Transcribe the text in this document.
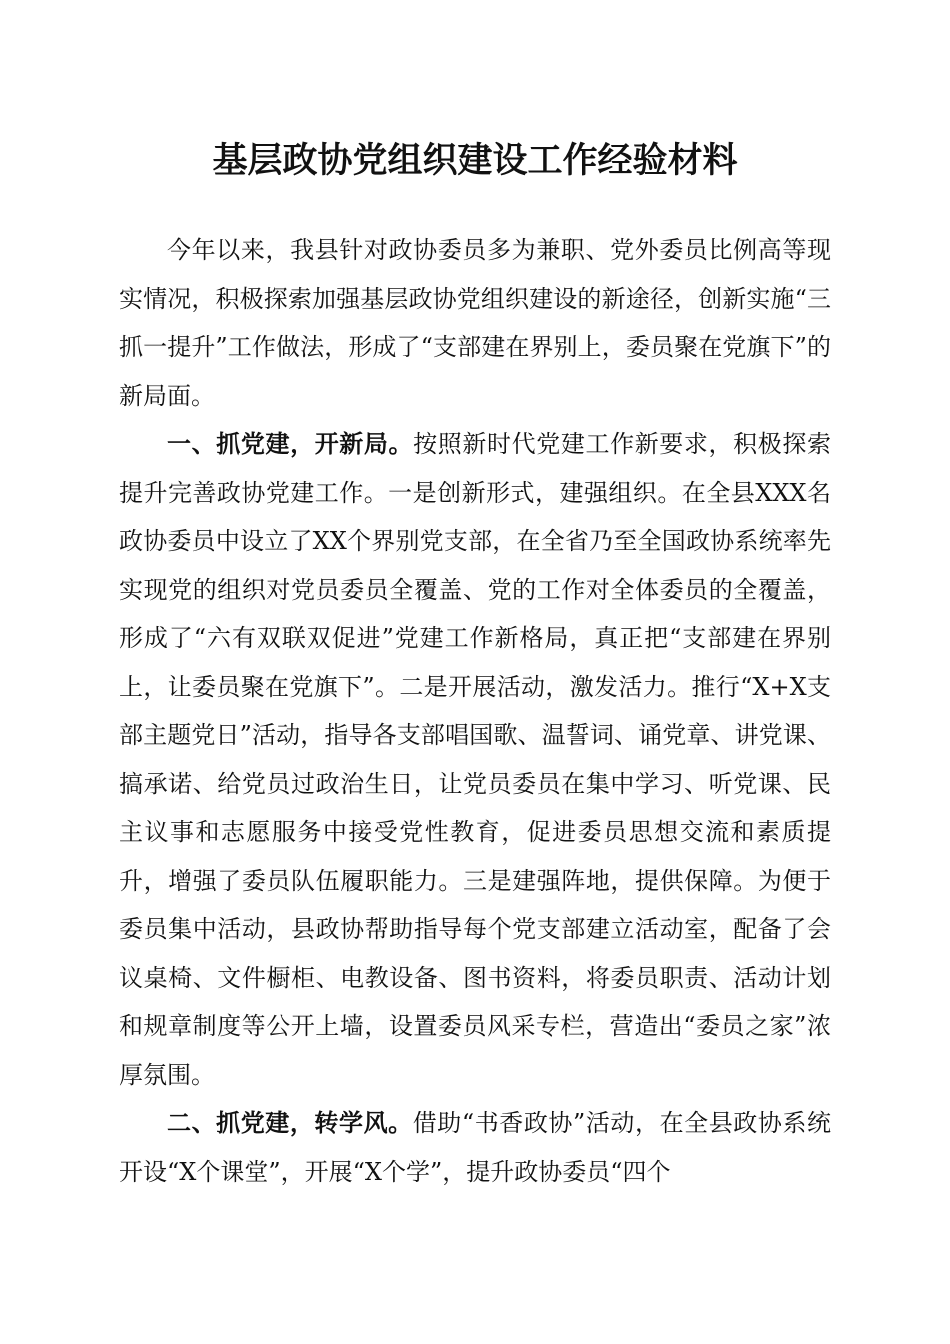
基层政协党组织建设工作经验材料

今年以来，我县针对政协委员多为兼职、党外委员比例高等现实情况，积极探索加强基层政协党组织建设的新途径，创新实施“三抓一提升”工作做法，形成了“支部建在界别上，委员聚在党旗下”的新局面。

一、抓党建，开新局。按照新时代党建工作新要求，积极探索提升完善政协党建工作。一是创新形式，建强组织。在全县XXX名政协委员中设立了XX个界别党支部，在全省乃至全国政协系统率先实现党的组织对党员委员全覆盖、党的工作对全体委员的全覆盖，形成了“六有双联双促进”党建工作新格局，真正把“支部建在界别上，让委员聚在党旗下”。二是开展活动，激发活力。推行“X+X支部主题党日”活动，指导各支部唱国歌、温誓词、诵党章、讲党课、搞承诺、给党员过政治生日，让党员委员在集中学习、听党课、民主议事和志愿服务中接受党性教育，促进委员思想交流和素质提升，增强了委员队伍履职能力。三是建强阵地，提供保障。为便于委员集中活动，县政协帮助指导每个党支部建立活动室，配备了会议桌椅、文件橱柜、电教设备、图书资料，将委员职责、活动计划和规章制度等公开上墙，设置委员风采专栏，营造出“委员之家”浓厚氛围。

二、抓党建，转学风。借助“书香政协”活动，在全县政协系统开设“X个课堂”，开展“X个学”，提升政协委员“四个
